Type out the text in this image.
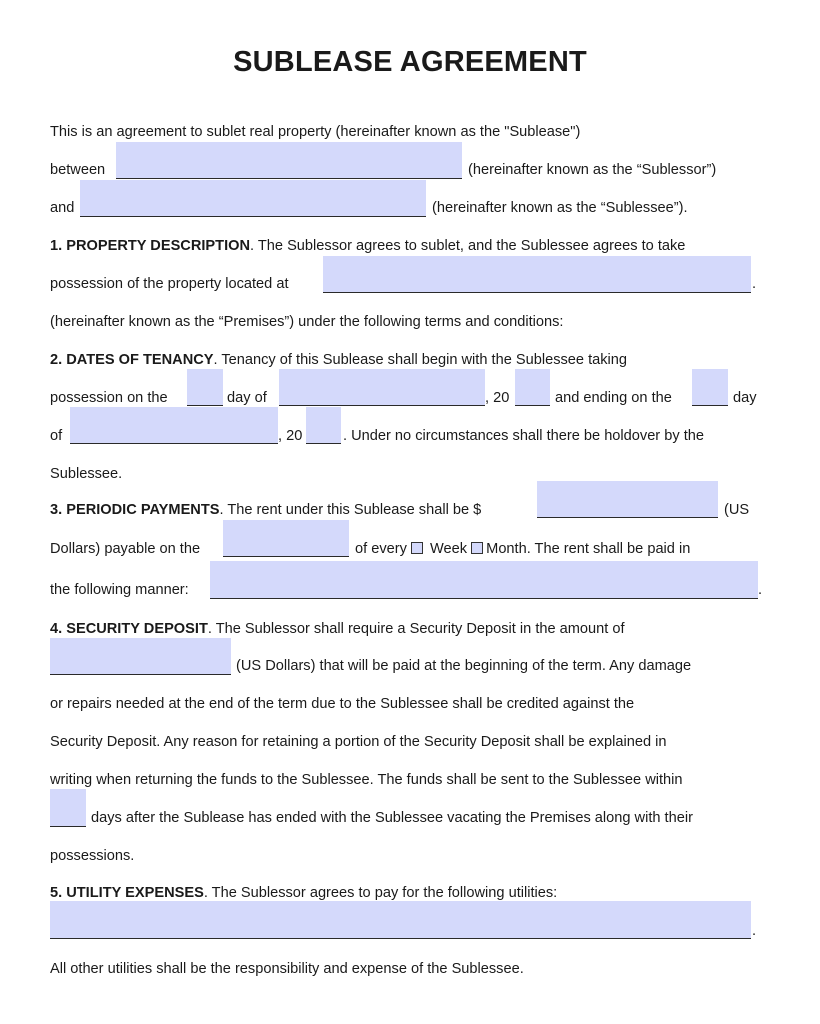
SUBLEASE AGREEMENT
This is an agreement to sublet real property (hereinafter known as the "Sublease")
between	(hereinafter known as the “Sublessor”)
and	(hereinafter known as the “Sublessee”).
1. PROPERTY DESCRIPTION. The Sublessor agrees to sublet, and the Sublessee agrees to take
possession of the property located at	.
(hereinafter known as the “Premises”) under the following terms and conditions:
2. DATES OF TENANCY. Tenancy of this Sublease shall begin with the Sublessee taking
possession on the	day of	, 20	and ending on the	day
of	, 20	. Under no circumstances shall there be holdover by the
Sublessee.
3. PERIODIC PAYMENTS. The rent under this Sublease shall be $	(US
Dollars) payable on the	of every Week Month. The rent shall be paid in
the following manner:	.
4. SECURITY DEPOSIT. The Sublessor shall require a Security Deposit in the amount of
(US Dollars) that will be paid at the beginning of the term. Any damage
or repairs needed at the end of the term due to the Sublessee shall be credited against the
Security Deposit. Any reason for retaining a portion of the Security Deposit shall be explained in
writing when returning the funds to the Sublessee. The funds shall be sent to the Sublessee within
days after the Sublease has ended with the Sublessee vacating the Premises along with their
possessions.
5. UTILITY EXPENSES. The Sublessor agrees to pay for the following utilities:
.
All other utilities shall be the responsibility and expense of the Sublessee.
